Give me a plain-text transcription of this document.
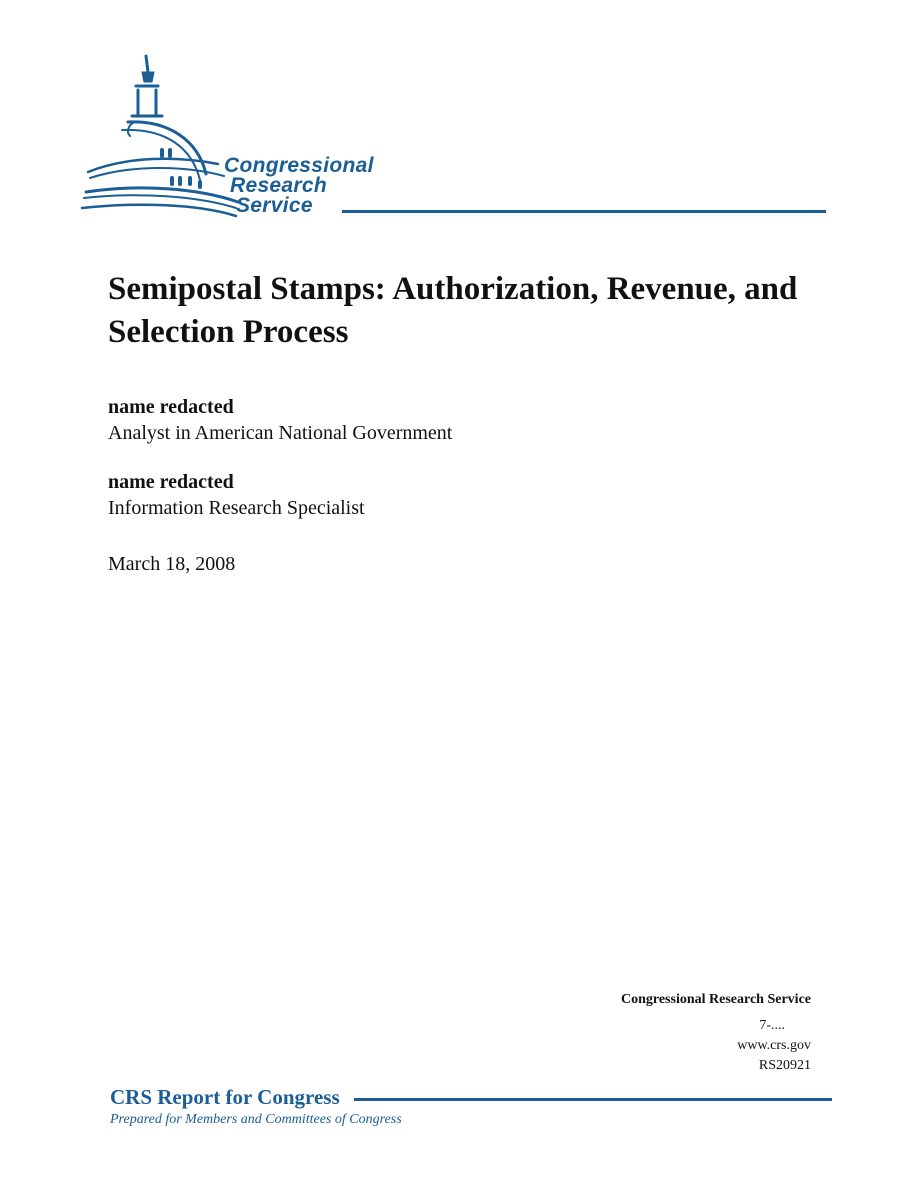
Congressional
Research
Service
Semipostal Stamps: Authorization, Revenue, and Selection Process
name redacted
Analyst in American National Government
name redacted
Information Research Specialist
March 18, 2008
Congressional Research Service
7-....
www.crs.gov
RS20921
CRS Report for Congress
Prepared for Members and Committees of Congress
